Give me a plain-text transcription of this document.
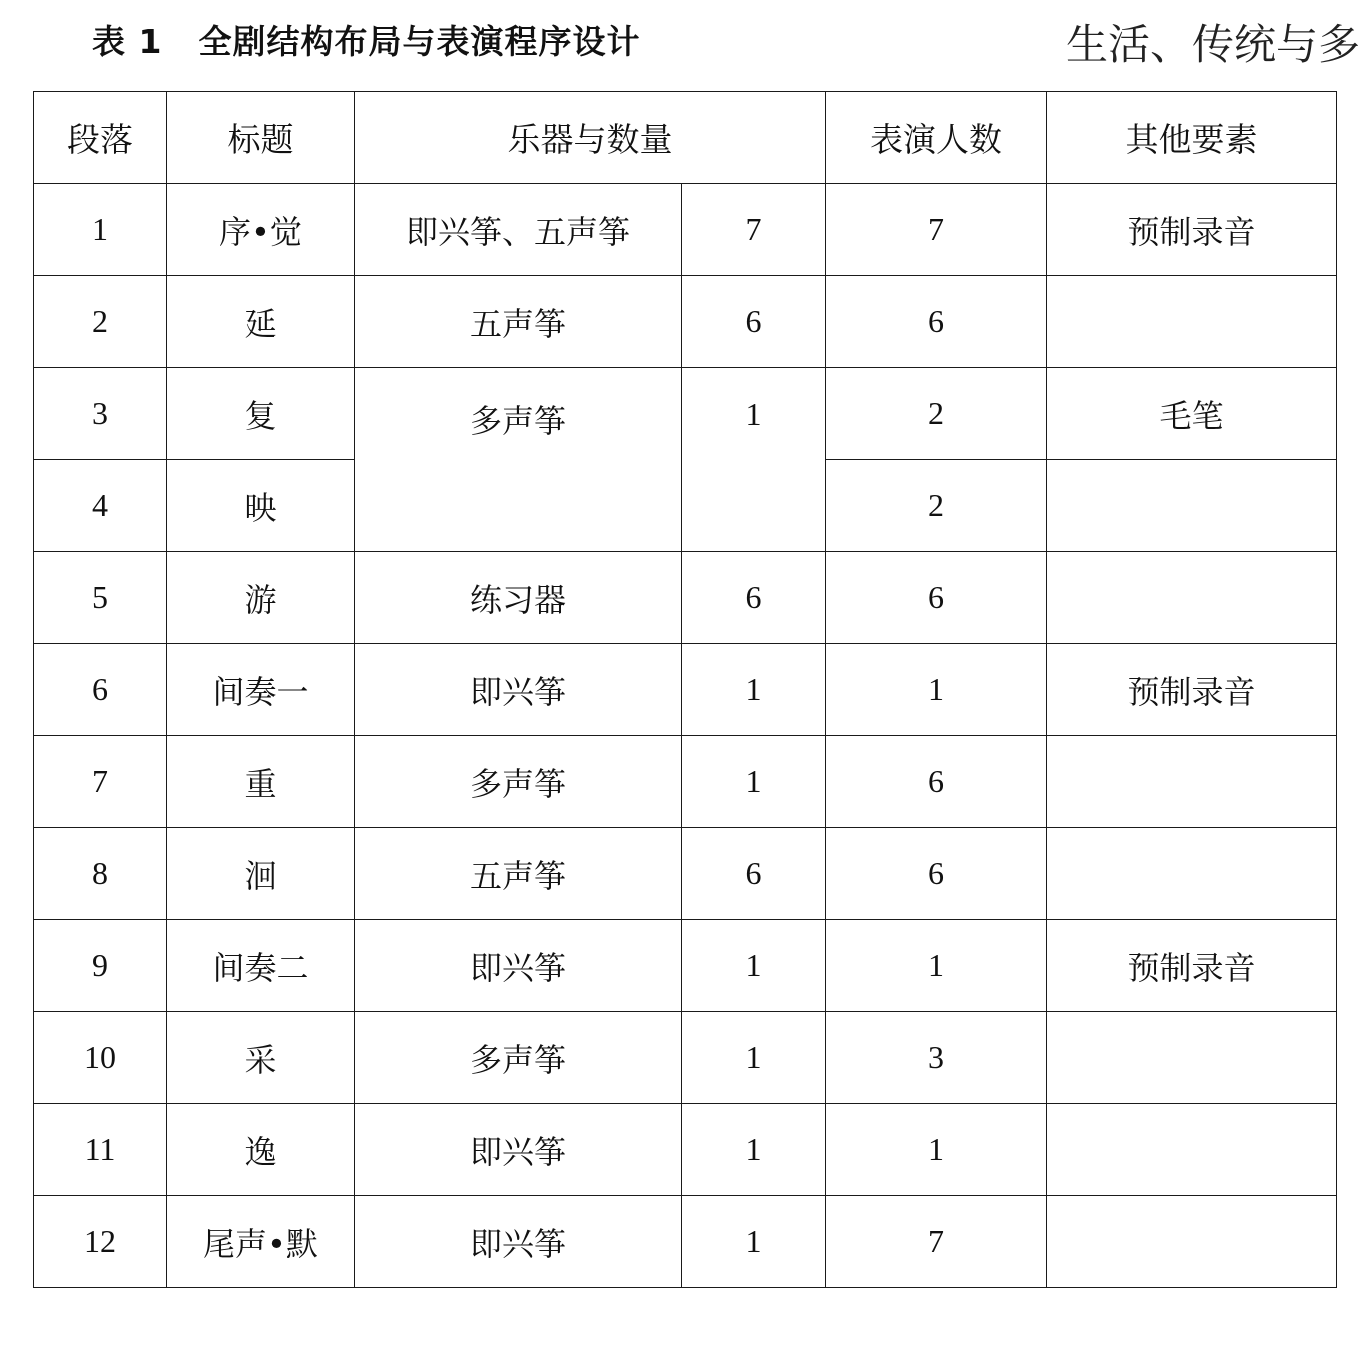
表 1 全剧结构布局与表演程序设计	生活、传统与多
段落	标题	乐器与数量		表演人数	其他要素
1	序•觉	即兴筝、五声筝	7	7	预制录音
2	延	五声筝	6	6	
3	复	多声筝	1	2	毛笔
4	映			2	
5	游	练习器	6	6	
6	间奏一	即兴筝	1	1	预制录音
7	重	多声筝	1	6	
8	洄	五声筝	6	6	
9	间奏二	即兴筝	1	1	预制录音
10	采	多声筝	1	3	
11	逸	即兴筝	1	1	
12	尾声•默	即兴筝	1	7	
